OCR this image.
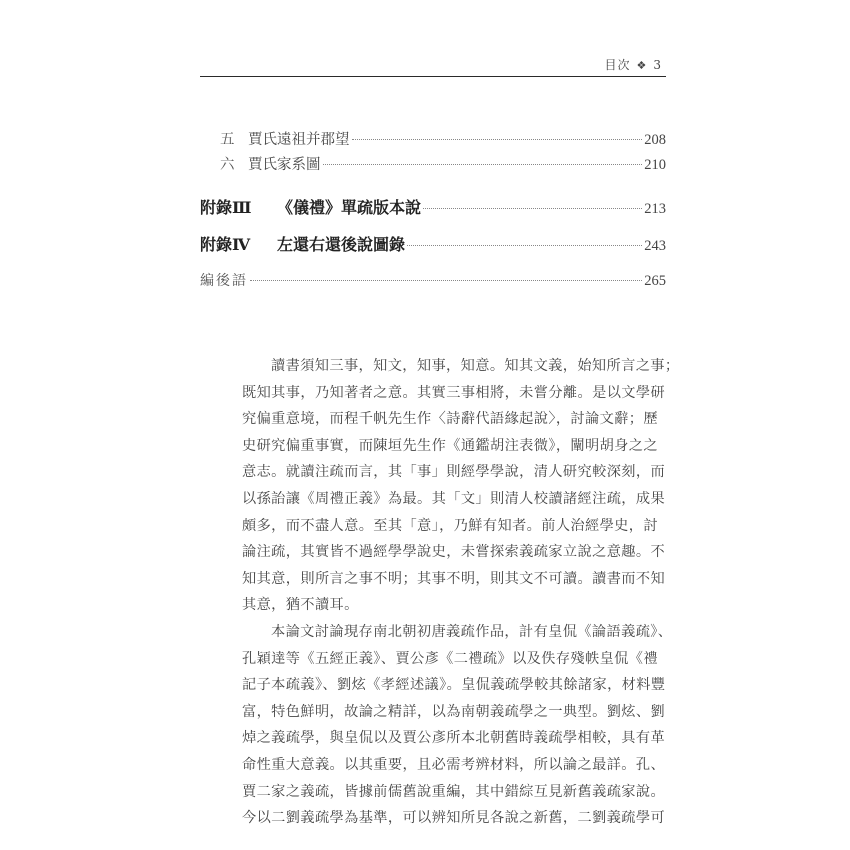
目次 ❖ 3
五 賈氏遠祖并郡望	208
六 賈氏家系圖	210
附錄Ⅲ	《儀禮》單疏版本說	213
附錄Ⅳ	左還右還後說圖錄	243
編後語	265

讀書須知三事，知文，知事，知意。知其文義，始知所言之事；
既知其事，乃知著者之意。其實三事相將，未嘗分離。是以文學研
究偏重意境，而程千帆先生作〈詩辭代語緣起說〉，討論文辭；歷
史研究偏重事實，而陳垣先生作《通鑑胡注表微》，闡明胡身之之
意志。就讀注疏而言，其「事」則經學學說，清人研究較深刻，而
以孫詒讓《周禮正義》為最。其「文」則清人校讀諸經注疏，成果
頗多，而不盡人意。至其「意」，乃鮮有知者。前人治經學史，討
論注疏，其實皆不過經學學說史，未嘗探索義疏家立說之意趣。不
知其意，則所言之事不明；其事不明，則其文不可讀。讀書而不知
其意，猶不讀耳。

本論文討論現存南北朝初唐義疏作品，計有皇侃《論語義疏》、
孔穎達等《五經正義》、賈公彥《二禮疏》以及佚存殘帙皇侃《禮
記子本疏義》、劉炫《孝經述議》。皇侃義疏學較其餘諸家，材料豐
富，特色鮮明，故論之精詳，以為南朝義疏學之一典型。劉炫、劉
焯之義疏學，與皇侃以及賈公彥所本北朝舊時義疏學相較，具有革
命性重大意義。以其重要，且必需考辨材料，所以論之最詳。孔、
賈二家之義疏，皆據前儒舊說重編，其中錯綜互見新舊義疏家說。
今以二劉義疏學為基準，可以辨知所見各說之新舊，二劉義疏學可
